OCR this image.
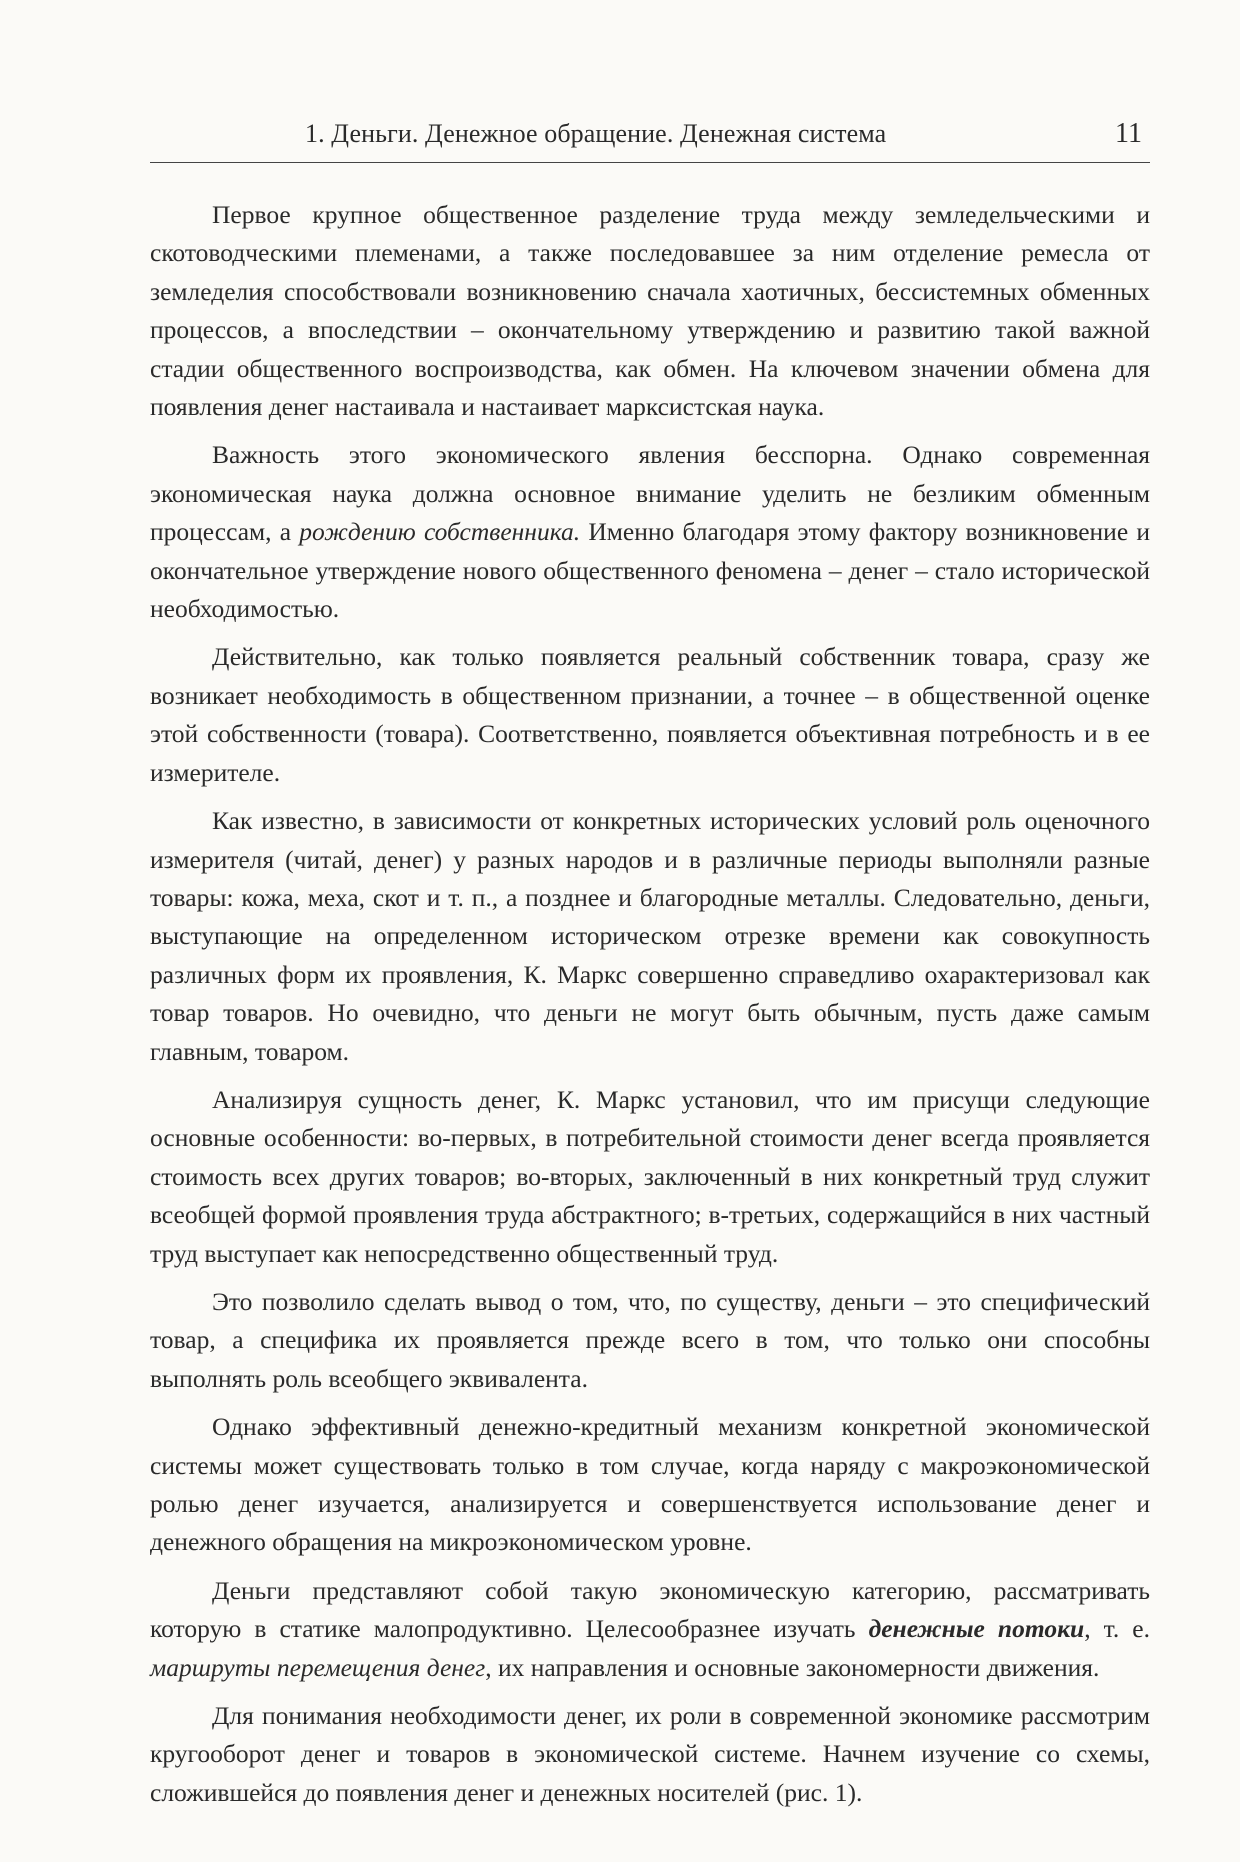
1. Деньги. Денежное обращение. Денежная система	11

Первое крупное общественное разделение труда между земледельческими и скотоводческими племенами, а также последовавшее за ним отделение ремесла от земледелия способствовали возникновению сначала хаотичных, бессистемных обменных процессов, а впоследствии – окончательному утверждению и развитию такой важной стадии общественного воспроизводства, как обмен. На ключевом значении обмена для появления денег настаивала и настаивает марксистская наука.

Важность этого экономического явления бесспорна. Однако современная экономическая наука должна основное внимание уделить не безликим обменным процессам, а рождению собственника. Именно благодаря этому фактору возникновение и окончательное утверждение нового общественного феномена – денег – стало исторической необходимостью.

Действительно, как только появляется реальный собственник товара, сразу же возникает необходимость в общественном признании, а точнее – в общественной оценке этой собственности (товара). Соответственно, появляется объективная потребность и в ее измерителе.

Как известно, в зависимости от конкретных исторических условий роль оценочного измерителя (читай, денег) у разных народов и в различные периоды выполняли разные товары: кожа, меха, скот и т. п., а позднее и благородные металлы. Следовательно, деньги, выступающие на определенном историческом отрезке времени как совокупность различных форм их проявления, К. Маркс совершенно справедливо охарактеризовал как товар товаров. Но очевидно, что деньги не могут быть обычным, пусть даже самым главным, товаром.

Анализируя сущность денег, К. Маркс установил, что им присущи следующие основные особенности: во-первых, в потребительной стоимости денег всегда проявляется стоимость всех других товаров; во-вторых, заключенный в них конкретный труд служит всеобщей формой проявления труда абстрактного; в-третьих, содержащийся в них частный труд выступает как непосредственно общественный труд.

Это позволило сделать вывод о том, что, по существу, деньги – это специфический товар, а специфика их проявляется прежде всего в том, что только они способны выполнять роль всеобщего эквивалента.

Однако эффективный денежно-кредитный механизм конкретной экономической системы может существовать только в том случае, когда наряду с макроэкономической ролью денег изучается, анализируется и совершенствуется использование денег и денежного обращения на микроэкономическом уровне.

Деньги представляют собой такую экономическую категорию, рассматривать которую в статике малопродуктивно. Целесообразнее изучать денежные потоки, т. е. маршруты перемещения денег, их направления и основные закономерности движения.

Для понимания необходимости денег, их роли в современной экономике рассмотрим кругооборот денег и товаров в экономической системе. Начнем изучение со схемы, сложившейся до появления денег и денежных носителей (рис. 1).
